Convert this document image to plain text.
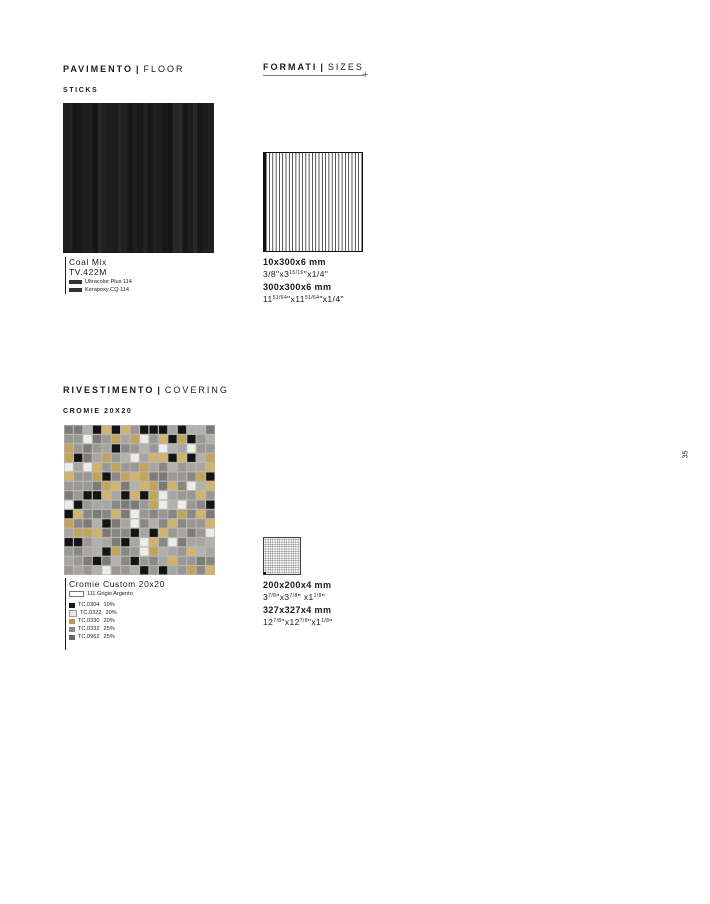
PAVIMENTO | FLOOR
STICKS
Coal Mix
TV.422M
Ultracolor Plus 114
Kerapoxy CQ 114
FORMATI | SIZES
+
10x300x6 mm
$3/8"x3^{15/16}"x1/4$"
300x300x6 mm
$11^{51/64}"x11^{51/64}"x1/4$"
RIVESTIMENTO | COVERING
CROMIE 20X20
Cromie Custom 20x20
111 Grigio Argento
TC.0304 10%
TC.0322 20%
TC.0330 20%
TC.0332 25%
TC.0962 25%
200x200x4 mm
$3^{7/8}"x3^{7/8}$" $x1^{1/8}$"
327x327x4 mm
$12^{7/8}"x12^{7/8}"x1^{1/8}$"
35
